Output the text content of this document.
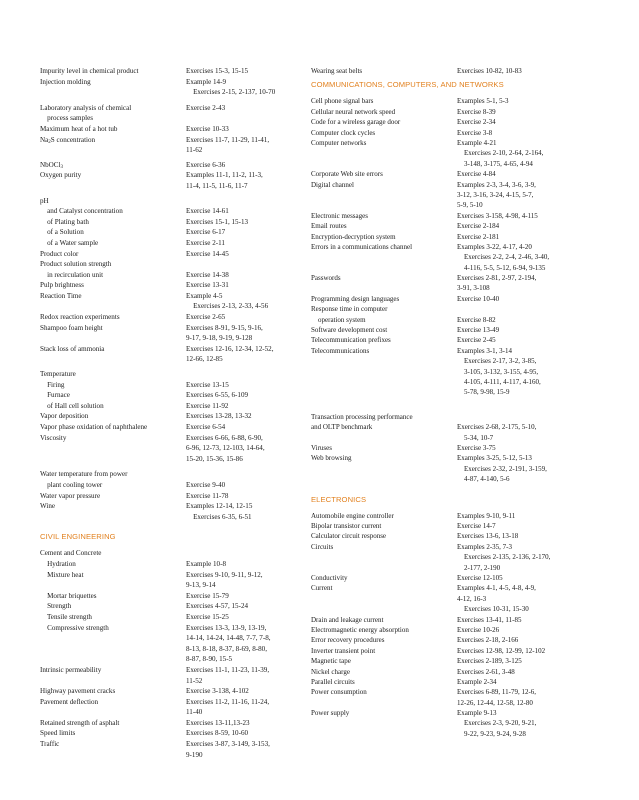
Impurity level in chemical product	Exercises 15-3, 15-15
Injection molding	Example 14-9
Exercises 2-15, 2-137, 10-70
Laboratory analysis of chemical
process samples
Exercise 2-43
Maximum heat of a hot tub	Exercise 10-33
$Na_2S$ concentration	Exercises 11-7, 11-29, 11-41,
11-62
NbOCl$_3$	Exercise 6-36
Oxygen purity	Examples 11-1, 11-2, 11-3,
11-4, 11-5, 11-6, 11-7
pH
and Catalyst concentration	Exercise 14-61
of Plating bath	Exercises 15-1, 15-13
of a Solution	Exercise 6-17
of a Water sample	Exercise 2-11
Product color	Exercise 14-45
Product solution strength
in recirculation unit	
Exercise 14-38
Pulp brightness	Exercise 13-31
Reaction Time	Example 4-5
Exercises 2-13, 2-33, 4-56
Redox reaction experiments	Exercise 2-65
Shampoo foam height	Exercises 8-91, 9-15, 9-16,
9-17, 9-18, 9-19, 9-128
Stack loss of ammonia	Exercises 12-16, 12-34, 12-52,
12-66, 12-85
Temperature
Firing	Exercise 13-15
Furnace	Exercises 6-55, 6-109
of Hall cell solution	Exercise 11-92
Vapor deposition	Exercises 13-28, 13-32
Vapor phase oxidation of naphthalene	Exercise 6-54
Viscosity	Exercises 6-66, 6-88, 6-90,
6-96, 12-73, 12-103, 14-64,
15-20, 15-36, 15-86
Water temperature from power
plant cooling tower	
Exercise 9-40
Water vapor pressure	Exercise 11-78
Wine	Examples 12-14, 12-15
Exercises 6-35, 6-51
CIVIL ENGINEERING
Cement and Concrete
Hydration	Example 10-8
Mixture heat	Exercises 9-10, 9-11, 9-12,
9-13, 9-14
Mortar briquettes	Exercise 15-79
Strength	Exercises 4-57, 15-24
Tensile strength	Exercise 15-25
Compressive strength	Exercises 13-3, 13-9, 13-19,
14-14, 14-24, 14-48, 7-7, 7-8,
8-13, 8-18, 8-37, 8-69, 8-80,
8-87, 8-90, 15-5
Intrinsic permeability	Exercises 11-1, 11-23, 11-39,
11-52
Highway pavement cracks	Exercise 3-138, 4-102
Pavement deflection	Exercises 11-2, 11-16, 11-24,
11-40
Retained strength of asphalt	Exercises 13-11,13-23
Speed limits	Exercises 8-59, 10-60
Traffic	Exercises 3-87, 3-149, 3-153,
9-190
Wearing seat belts	Exercises 10-82, 10-83
COMMUNICATIONS, COMPUTERS, AND NETWORKS
Cell phone signal bars	Examples 5-1, 5-3
Cellular neural network speed	Exercise 8-39
Code for a wireless garage door	Exercise 2-34
Computer clock cycles	Exercise 3-8
Computer networks	Example 4-21
Exercises 2-10, 2-64, 2-164,
3-148, 3-175, 4-65, 4-94
Corporate Web site errors	Exercise 4-84
Digital channel	Examples 2-3, 3-4, 3-6, 3-9,
3-12, 3-16, 3-24, 4-15, 5-7,
5-9, 5-10
Electronic messages	Exercises 3-158, 4-98, 4-115
Email routes	Exercise 2-184
Encryption-decryption system	Exercise 2-181
Errors in a communications channel	Examples 3-22, 4-17, 4-20
Exercises 2-2, 2-4, 2-46, 3-40,
4-116, 5-5, 5-12, 6-94, 9-135
Passwords	Exercises 2-81, 2-97, 2-194,
3-91, 3-108
Programming design languages	Exercise 10-40
Response time in computer
operation system	
Exercise 8-82
Software development cost	Exercise 13-49
Telecommunication prefixes	Exercise 2-45
Telecommunications	Examples 3-1, 3-14
Exercises 2-17, 3-2, 3-85,
3-105, 3-132, 3-155, 4-95,
4-105, 4-111, 4-117, 4-160,
5-78, 9-98, 15-9
Transaction processing performance
and OLTP benchmark	
Exercises 2-68, 2-175, 5-10,
5-34, 10-7
Viruses	Exercise 3-75
Web browsing	Examples 3-25, 5-12, 5-13
Exercises 2-32, 2-191, 3-159,
4-87, 4-140, 5-6
ELECTRONICS
Automobile engine controller	Examples 9-10, 9-11
Bipolar transistor current	Exercise 14-7
Calculator circuit response	Exercises 13-6, 13-18
Circuits	Examples 2-35, 7-3
Exercises 2-135, 2-136, 2-170,
2-177, 2-190
Conductivity	Exercise 12-105
Current	Examples 4-1, 4-5, 4-8, 4-9,
4-12, 16-3
Exercises 10-31, 15-30
Drain and leakage current	Exercises 13-41, 11-85
Electromagnetic energy absorption	Exercise 10-26
Error recovery procedures	Exercises 2-18, 2-166
Inverter transient point	Exercises 12-98, 12-99, 12-102
Magnetic tape	Exercises 2-189, 3-125
Nickel charge	Exercises 2-61, 3-48
Parallel circuits	Example 2-34
Power consumption	Exercises 6-89, 11-79, 12-6,
12-26, 12-44, 12-58, 12-80
Power supply	Example 9-13
Exercises 2-3, 9-20, 9-21,
9-22, 9-23, 9-24, 9-28
